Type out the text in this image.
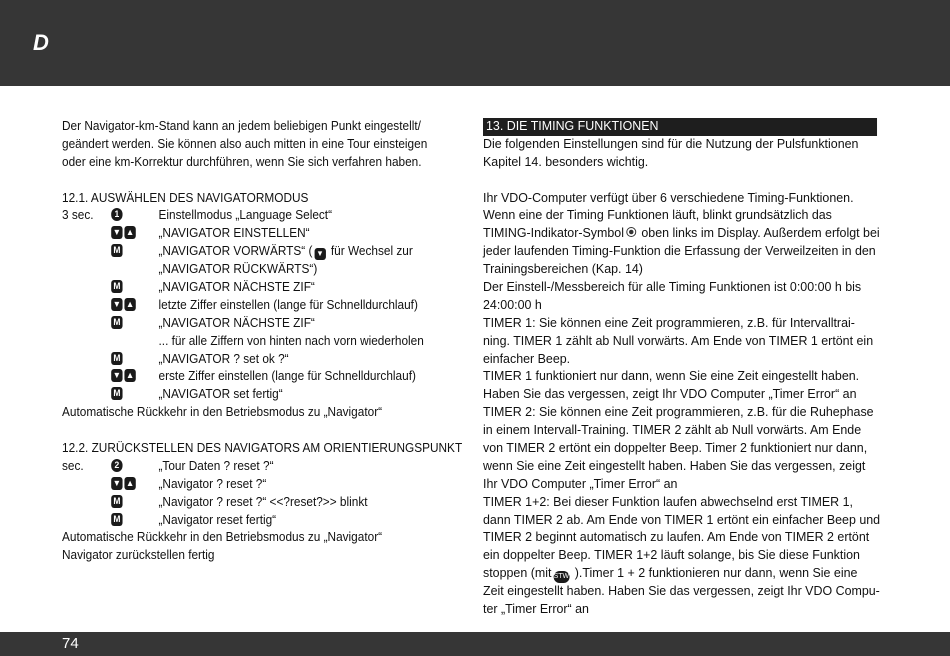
D
Der Navigator-km-Stand kann an jedem beliebigen Punkt eingestellt/
geändert werden. Sie können also auch mitten in eine Tour einsteigen
oder eine km-Korrektur durchführen, wenn Sie sich verfahren haben.
12.1. AUSWÄHLEN DES NAVIGATORMODUS
3 sec.	1	Einstellmodus „Language Select“
▼ ▲ „NAVIGATOR EINSTELLEN“
M	„NAVIGATOR VORWÄRTS“ ( ▼ für Wechsel zur
„NAVIGATOR RÜCKWÄRTS“)
M	„NAVIGATOR NÄCHSTE ZIF“
▼ ▲ letzte Ziffer einstellen (lange für Schnelldurchlauf)
M	„NAVIGATOR NÄCHSTE ZIF“
... für alle Ziffern von hinten nach vorn wiederholen
M	„NAVIGATOR ? set ok ?“
▼ ▲ erste Ziffer einstellen (lange für Schnelldurchlauf)
M	„NAVIGATOR set fertig“
Automatische Rückkehr in den Betriebsmodus zu „Navigator“
12.2. ZURÜCKSTELLEN DES NAVIGATORS AM ORIENTIERUNGSPUNKT
sec.	2	„Tour Daten ? reset ?“
▼ ▲ „Navigator ? reset ?“
M	„Navigator ? reset ?“ <<?reset?>> blinkt
M	„Navigator reset fertig“
Automatische Rückkehr in den Betriebsmodus zu „Navigator“
Navigator zurückstellen fertig
13. DIE TIMING FUNKTIONEN
Die folgenden Einstellungen sind für die Nutzung der Pulsfunktionen
Kapitel 14. besonders wichtig.
Ihr VDO-Computer verfügt über 6 verschiedene Timing-Funktionen.
Wenn eine der Timing Funktionen läuft, blinkt grundsätzlich das
TIMING-Indikator-Symbol oben links im Display. Außerdem erfolgt bei
jeder laufenden Timing-Funktion die Erfassung der Verweilzeiten in den
Trainingsbereichen (Kap. 14)
Der Einstell-/Messbereich für alle Timing Funktionen ist 0:00:00 h bis
24:00:00 h
TIMER 1: Sie können eine Zeit programmieren, z.B. für Intervalltrai-
ning. TIMER 1 zählt ab Null vorwärts. Am Ende von TIMER 1 ertönt ein
einfacher Beep.
TIMER 1 funktioniert nur dann, wenn Sie eine Zeit eingestellt haben.
Haben Sie das vergessen, zeigt Ihr VDO Computer „Timer Error“ an
TIMER 2: Sie können eine Zeit programmieren, z.B. für die Ruhephase
in einem Intervall-Training. TIMER 2 zählt ab Null vorwärts. Am Ende
von TIMER 2 ertönt ein doppelter Beep. Timer 2 funktioniert nur dann,
wenn Sie eine Zeit eingestellt haben. Haben Sie das vergessen, zeigt
Ihr VDO Computer „Timer Error“ an
TIMER 1+2: Bei dieser Funktion laufen abwechselnd erst TIMER 1,
dann TIMER 2 ab. Am Ende von TIMER 1 ertönt ein einfacher Beep und
TIMER 2 beginnt automatisch zu laufen. Am Ende von TIMER 2 ertönt
ein doppelter Beep. TIMER 1+2 läuft solange, bis Sie diese Funktion
stoppen (mit STW ).Timer 1 + 2 funktionieren nur dann, wenn Sie eine
Zeit eingestellt haben. Haben Sie das vergessen, zeigt Ihr VDO Compu-
ter „Timer Error“ an
74
